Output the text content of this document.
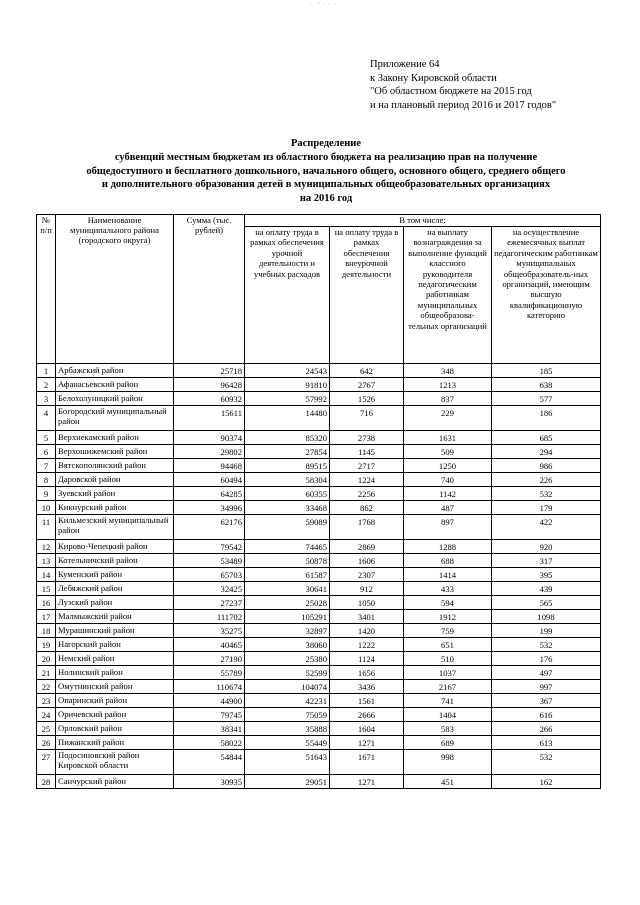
· ·' · · ·
Приложение 64
к Закону Кировской области
"Об областном бюджете на 2015 год
и на плановый период 2016 и 2017 годов"
Распределение
субвенций местным бюджетам из областного бюджета на реализацию прав на получение
общедоступного и бесплатного дошкольного, начального общего, основного общего, среднего общего
и дополнительного образования детей в муниципальных общеобразовательных организациях
на 2016 год
№ п/п	Наименование муниципального района (городского округа)	Сумма (тыс. рублей)	В том числе:			
			на оплату труда в рамках обеспечения урочной деятельности и учебных расходов	на оплату труда в рамках обеспечения внеурочной деятельности	на выплату вознаграждения за выполнение функций классного руководителя педагогическим работникам муниципальных общеобразова-тельных организаций	на осуществление ежемесячных выплат педагогическим работникам муниципальных общеобразователь-ных организаций, имеющим высшую квалификационную категорию
1	Арбажский район	25718	24543	642	348	185
2	Афанасьевский район	96428	91810	2767	1213	638
3	Белохолуницкий район	60932	57992	1526	837	577
4	Богородский муниципальный район	15611	14480	716	229	186
5	Верхнекамский район	90374	85320	2738	1631	685
6	Верхошижемский район	29802	27854	1145	509	294
7	Вятскополянский район	94468	89515	2717	1250	986
8	Даровской район	60494	58304	1224	740	226
9	Зуевский район	64285	60355	2256	1142	532
10	Кикнурский район	34996	33468	862	487	179
11	Кильмезский муниципальный район	62176	59089	1768	897	422
12	Кирово-Чепецкий район	79542	74465	2869	1288	920
13	Котельничский район	53489	50878	1606	688	317
14	Куменский район	65703	61587	2307	1414	395
15	Лебяжский район	32425	30641	912	433	439
16	Лузский район	27237	25028	1050	594	565
17	Малмыжский район	111702	105291	3401	1912	1098
18	Мурашинский район	35275	32897	1420	759	199
19	Нагорский район	40465	38060	1222	651	532
20	Немский район	27190	25380	1124	510	176
21	Нолинский район	55789	52599	1656	1037	497
22	Омутнинский район	110674	104074	3436	2167	997
23	Опаринский район	44900	42231	1561	741	367
24	Оричевский район	79745	75059	2666	1404	616
25	Орловский район	38341	35888	1604	583	266
26	Пижанский район	58022	55449	1271	689	613
27	Подосиновский район Кировской области	54844	51643	1671	998	532
28	Санчурский район	30935	29051	1271	451	162
